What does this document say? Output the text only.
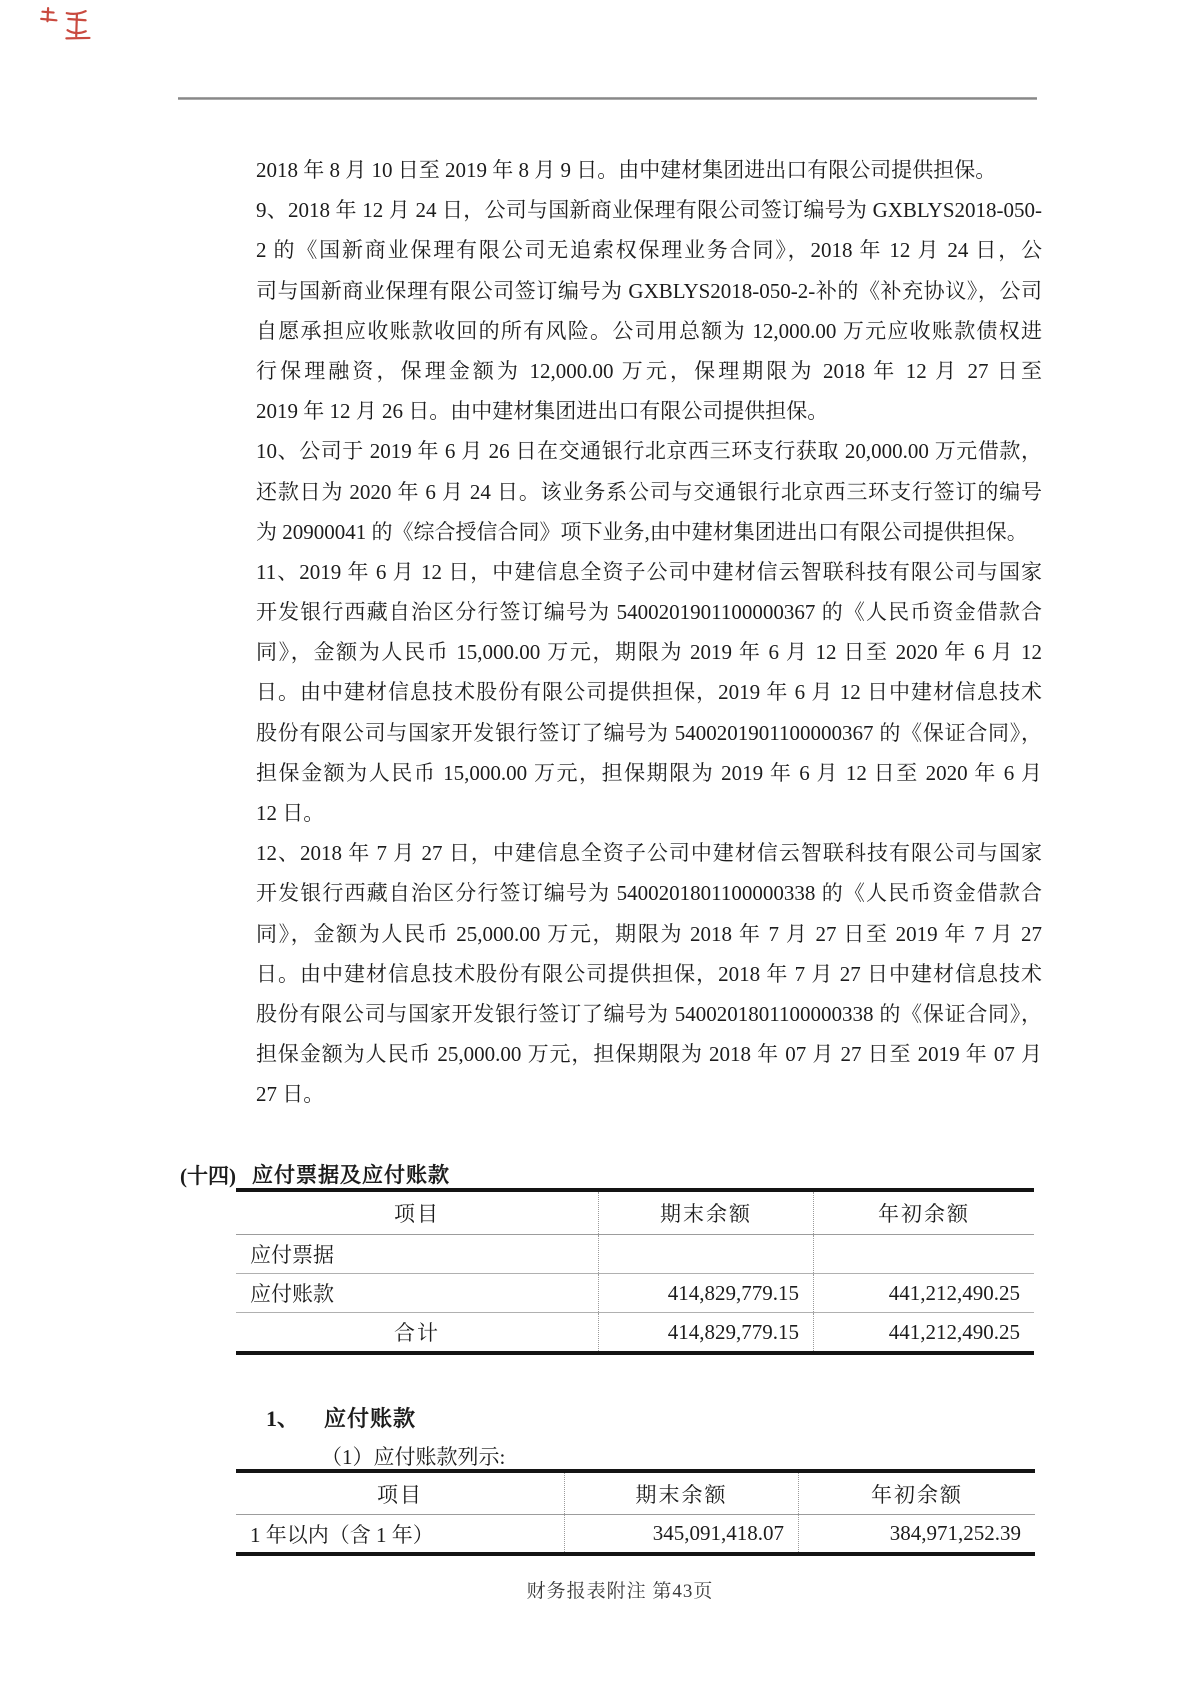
2018 年 8 月 10 日至 2019 年 8 月 9 日。由中建材集团进出口有限公司提供担保。
9、2018 年 12 月 24 日，公司与国新商业保理有限公司签订编号为 GXBLYS2018-050-
2 的《国新商业保理有限公司无追索权保理业务合同》，2018 年 12 月 24 日，公
司与国新商业保理有限公司签订编号为 GXBLYS2018-050-2-补的《补充协议》，公司
自愿承担应收账款收回的所有风险。公司用总额为 12,000.00 万元应收账款债权进
行保理融资，保理金额为 12,000.00 万元，保理期限为 2018 年 12 月 27 日至
2019 年 12 月 26 日。由中建材集团进出口有限公司提供担保。
10、公司于 2019 年 6 月 26 日在交通银行北京西三环支行获取 20,000.00 万元借款，
还款日为 2020 年 6 月 24 日。该业务系公司与交通银行北京西三环支行签订的编号
为 20900041 的《综合授信合同》项下业务,由中建材集团进出口有限公司提供担保。
11、2019 年 6 月 12 日，中建信息全资子公司中建材信云智联科技有限公司与国家
开发银行西藏自治区分行签订编号为 5400201901100000367 的《人民币资金借款合
同》，金额为人民币 15,000.00 万元，期限为 2019 年 6 月 12 日至 2020 年 6 月 12
日。由中建材信息技术股份有限公司提供担保，2019 年 6 月 12 日中建材信息技术
股份有限公司与国家开发银行签订了编号为 5400201901100000367 的《保证合同》，
担保金额为人民币 15,000.00 万元，担保期限为 2019 年 6 月 12 日至 2020 年 6 月
12 日。
12、2018 年 7 月 27 日，中建信息全资子公司中建材信云智联科技有限公司与国家
开发银行西藏自治区分行签订编号为 5400201801100000338 的《人民币资金借款合
同》，金额为人民币 25,000.00 万元，期限为 2018 年 7 月 27 日至 2019 年 7 月 27
日。由中建材信息技术股份有限公司提供担保，2018 年 7 月 27 日中建材信息技术
股份有限公司与国家开发银行签订了编号为 5400201801100000338 的《保证合同》，
担保金额为人民币 25,000.00 万元，担保期限为 2018 年 07 月 27 日至 2019 年 07 月
27 日。
(十四) 应付票据及应付账款
项目	期末余额	年初余额
应付票据
应付账款	414,829,779.15	441,212,490.25
合计	414,829,779.15	441,212,490.25
1、 应付账款
（1）应付账款列示:
项目	期末余额	年初余额
1 年以内（含 1 年）	345,091,418.07	384,971,252.39
财务报表附注 第43页
